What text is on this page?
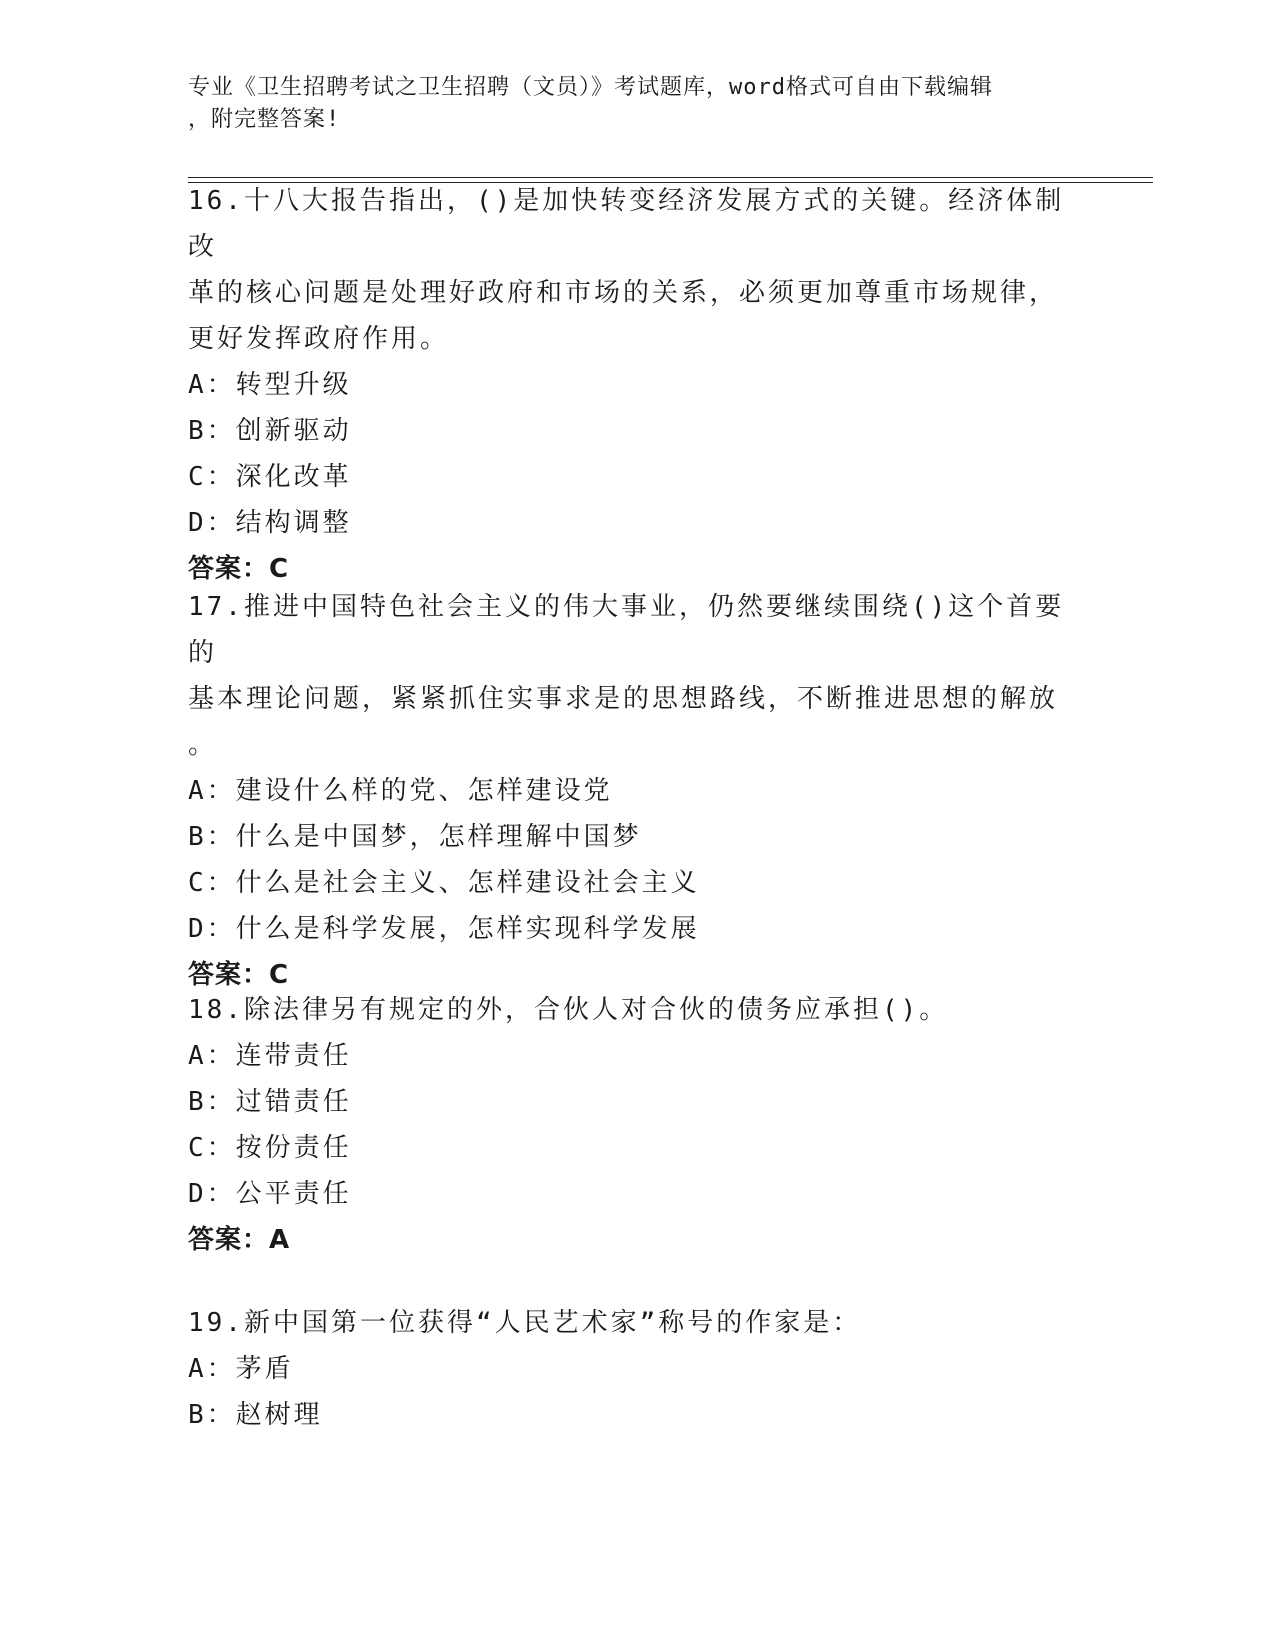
专业《卫生招聘考试之卫生招聘（文员）》考试题库，word格式可自由下载编辑
，附完整答案!

16.十八大报告指出，()是加快转变经济发展方式的关键。经济体制改

革的核心问题是处理好政府和市场的关系，必须更加尊重市场规律，

更好发挥政府作用。

A：转型升级

B：创新驱动

C：深化改革

D：结构调整

答案：C

17.推进中国特色社会主义的伟大事业，仍然要继续围绕()这个首要的

基本理论问题，紧紧抓住实事求是的思想路线，不断推进思想的解放

。

A：建设什么样的党、怎样建设党

B：什么是中国梦，怎样理解中国梦

C：什么是社会主义、怎样建设社会主义

D：什么是科学发展，怎样实现科学发展

答案：C

18.除法律另有规定的外，合伙人对合伙的债务应承担()。

A：连带责任

B：过错责任

C：按份责任

D：公平责任

答案：A

19.新中国第一位获得“人民艺术家”称号的作家是：

A：茅盾

B：赵树理
